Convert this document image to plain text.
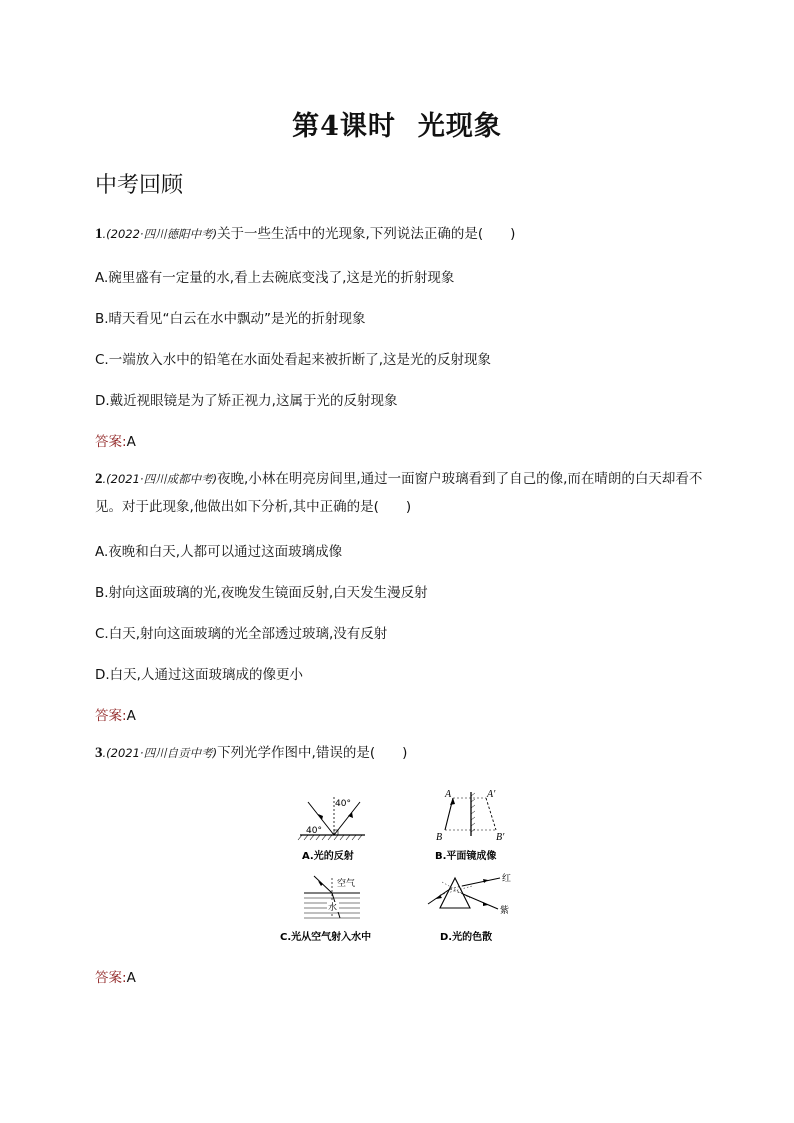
第4课时 光现象
中考回顾
1.(2022·四川德阳中考)关于一些生活中的光现象,下列说法正确的是(　　)
A.碗里盛有一定量的水,看上去碗底变浅了,这是光的折射现象
B.晴天看见“白云在水中飘动”是光的折射现象
C.一端放入水中的铅笔在水面处看起来被折断了,这是光的反射现象
D.戴近视眼镜是为了矫正视力,这属于光的反射现象
答案:A
2.(2021·四川成都中考)夜晚,小林在明亮房间里,通过一面窗户玻璃看到了自己的像,而在晴朗的白天却看不见。对于此现象,他做出如下分析,其中正确的是(　　)
A.夜晚和白天,人都可以通过这面玻璃成像
B.射向这面玻璃的光,夜晚发生镜面反射,白天发生漫反射
C.白天,射向这面玻璃的光全部透过玻璃,没有反射
D.白天,人通过这面玻璃成的像更小
答案:A
3.(2021·四川自贡中考)下列光学作图中,错误的是(　　)
40°
40°
A.光的反射
A	A′
B	B′
B.平面镜成像
水
空气
C.光从空气射入水中
红
紫
D.光的色散
答案:A
